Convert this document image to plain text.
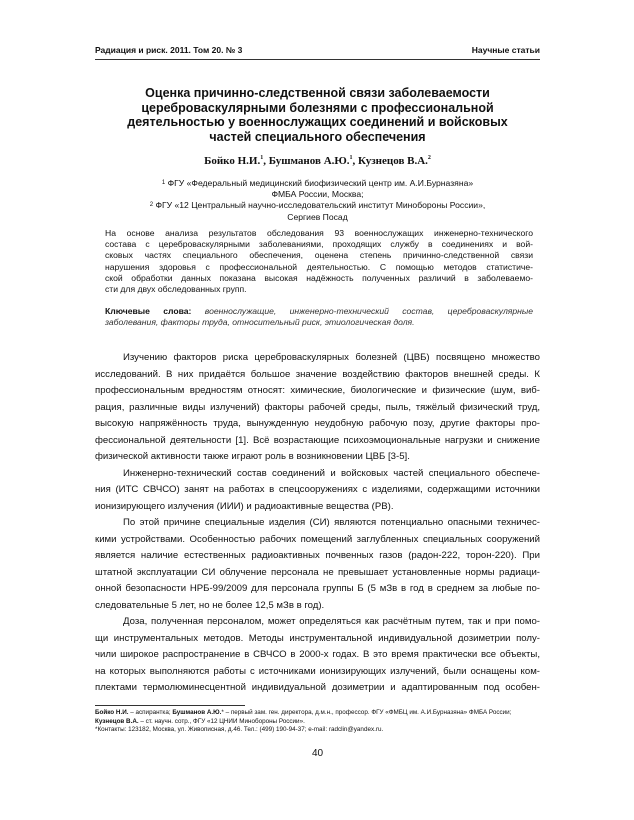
Радиация и риск. 2011. Том 20. № 3	Научные статьи
Оценка причинно-следственной связи заболеваемости
цереброваскулярными болезнями с профессиональной
деятельностью у военнослужащих соединений и войсковых
частей специального обеспечения
Бойко Н.И.$^1$, Бушманов А.Ю.$^1$, Кузнецов В.А.$^2$
$^1$ ФГУ «Федеральный медицинский биофизический центр им. А.И.Бурназяна»
ФМБА России, Москва;
$^2$ ФГУ «12 Центральный научно-исследовательский институт Минобороны России»,
Сергиев Посад
На основе анализа результатов обследования 93 военнослужащих инженерно-технического
состава с цереброваскулярными заболеваниями, проходящих службу в соединениях и вой-
сковых частях специального обеспечения, оценена степень причинно-следственной связи
нарушения здоровья с профессиональной деятельностью. С помощью методов статистиче-
ской обработки данных показана высокая надёжность полученных различий в заболеваемо-
сти для двух обследованных групп.
Ключевые слова: военнослужащие, инженерно-технический состав, цереброваскулярные
заболевания, факторы труда, относительный риск, этиологическая доля.
Изучению факторов риска цереброваскулярных болезней (ЦВБ) посвящено множество
исследований. В них придаётся большое значение воздействию факторов внешней среды. К
профессиональным вредностям относят: химические, биологические и физические (шум, виб-
рация, различные виды излучений) факторы рабочей среды, пыль, тяжёлый физический труд,
высокую напряжённость труда, вынужденную неудобную рабочую позу, другие факторы про-
фессиональной деятельности [1]. Всё возрастающие психоэмоциональные нагрузки и снижение
физической активности также играют роль в возникновении ЦВБ [3-5].
Инженерно-технический состав соединений и войсковых частей специального обеспече-
ния (ИТС СВЧСО) занят на работах в спецсооружениях с изделиями, содержащими источники
ионизирующего излучения (ИИИ) и радиоактивные вещества (РВ).
По этой причине специальные изделия (СИ) являются потенциально опасными техничес-
кими устройствами. Особенностью рабочих помещений заглубленных специальных сооружений
является наличие естественных радиоактивных почвенных газов (радон-222, торон-220). При
штатной эксплуатации СИ облучение персонала не превышает установленные нормы радиаци-
онной безопасности НРБ-99/2009 для персонала группы Б (5 мЗв в год в среднем за любые по-
следовательные 5 лет, но не более 12,5 мЗв в год).
Доза, полученная персоналом, может определяться как расчётным путем, так и при помо-
щи инструментальных методов. Методы инструментальной индивидуальной дозиметрии полу-
чили широкое распространение в СВЧСО в 2000-х годах. В это время практически все объекты,
на которых выполняются работы с источниками ионизирующих излучений, были оснащены ком-
плектами термолюминесцентной индивидуальной дозиметрии и адаптированным под особен-
Бойко Н.И. – аспирантка; Бушманов А.Ю.* – первый зам. ген. директора, д.м.н., профессор. ФГУ «ФМБЦ им. А.И.Бурназяна» ФМБА России; Кузнецов В.А. – ст. научн. сотр., ФГУ «12 ЦНИИ Минобороны России».
*Контакты: 123182, Москва, ул. Живописная, д.46. Тел.: (499) 190-94-37; e-mail: radclin@yandex.ru.
40
